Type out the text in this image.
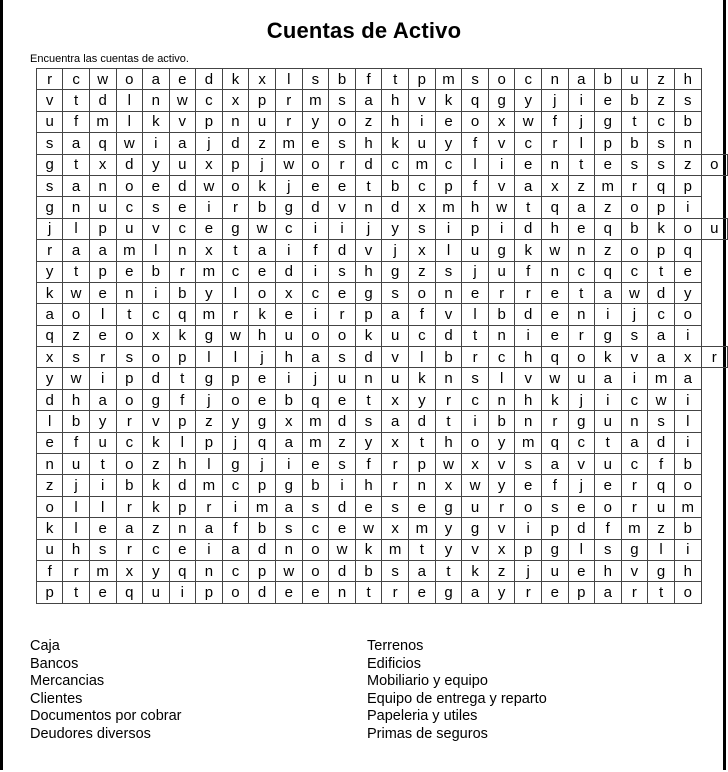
Cuentas de Activo
Encuentra las cuentas de activo.
r	c	w	o	a	e	d	k	x	l	s	b	f	t	p	m	s	o	c	n	a	b	u	z	h	
v	t	d	l	n	w	c	x	p	r	m	s	a	h	v	k	q	g	y	j	i	e	b	z	s	
u	f	m	l	k	v	p	n	u	r	y	o	z	h	i	e	o	x	w	f	j	g	t	c	b	
s	a	q	w	i	a	j	d	z	m	e	s	h	k	u	y	f	v	c	r	l	p	b	s	n	
g	t	x	d	y	u	x	p	j	w	o	r	d	c	m	c	l	i	e	n	t	e	s	s	z	o
s	a	n	o	e	d	w	o	k	j	e	e	t	b	c	p	f	v	a	x	z	m	r	q	p	
g	n	u	c	s	e	i	r	b	g	d	v	n	d	x	m	h	w	t	q	a	z	o	p	i	
j	l	p	u	v	c	e	g	w	c	i	i	j	y	s	i	p	i	d	h	e	q	b	k	o	u
r	a	a	m	l	n	x	t	a	i	f	d	v	j	x	l	u	g	k	w	n	z	o	p	q	
y	t	p	e	b	r	m	c	e	d	i	s	h	g	z	s	j	u	f	n	c	q	c	t	e	
k	w	e	n	i	b	y	l	o	x	c	e	g	s	o	n	e	r	r	e	t	a	w	d	y	
a	o	l	t	c	q	m	r	k	e	i	r	p	a	f	v	l	b	d	e	n	i	j	c	o	
q	z	e	o	x	k	g	w	h	u	o	o	k	u	c	d	t	n	i	e	r	g	s	a	i	
x	s	r	s	o	p	l	l	j	h	a	s	d	v	l	b	r	c	h	q	o	k	v	a	x	r
y	w	i	p	d	t	g	p	e	i	j	u	n	u	k	n	s	l	v	w	u	a	i	m	a	
d	h	a	o	g	f	j	o	e	b	q	e	t	x	y	r	c	n	h	k	j	i	c	w	i	
l	b	y	r	v	p	z	y	g	x	m	d	s	a	d	t	i	b	n	r	g	u	n	s	l	
e	f	u	c	k	l	p	j	q	a	m	z	y	x	t	h	o	y	m	q	c	t	a	d	i	
n	u	t	o	z	h	l	g	j	i	e	s	f	r	p	w	x	v	s	a	v	u	c	f	b	
z	j	i	b	k	d	m	c	p	g	b	i	h	r	n	x	w	y	e	f	j	e	r	q	o	
o	l	l	r	k	p	r	i	m	a	s	d	e	s	e	g	u	r	o	s	e	o	r	u	m	
k	l	e	a	z	n	a	f	b	s	c	e	w	x	m	y	g	v	i	p	d	f	m	z	b	
u	h	s	r	c	e	i	a	d	n	o	w	k	m	t	y	v	x	p	g	l	s	g	l	i	
f	r	m	x	y	q	n	c	p	w	o	d	b	s	a	t	k	z	j	u	e	h	v	g	h	
p	t	e	q	u	i	p	o	d	e	e	n	t	r	e	g	a	y	r	e	p	a	r	t	o	
Caja
Bancos
Mercancias
Clientes
Documentos por cobrar
Deudores diversos
Terrenos
Edificios
Mobiliario y equipo
Equipo de entrega y reparto
Papeleria y utiles
Primas de seguros
